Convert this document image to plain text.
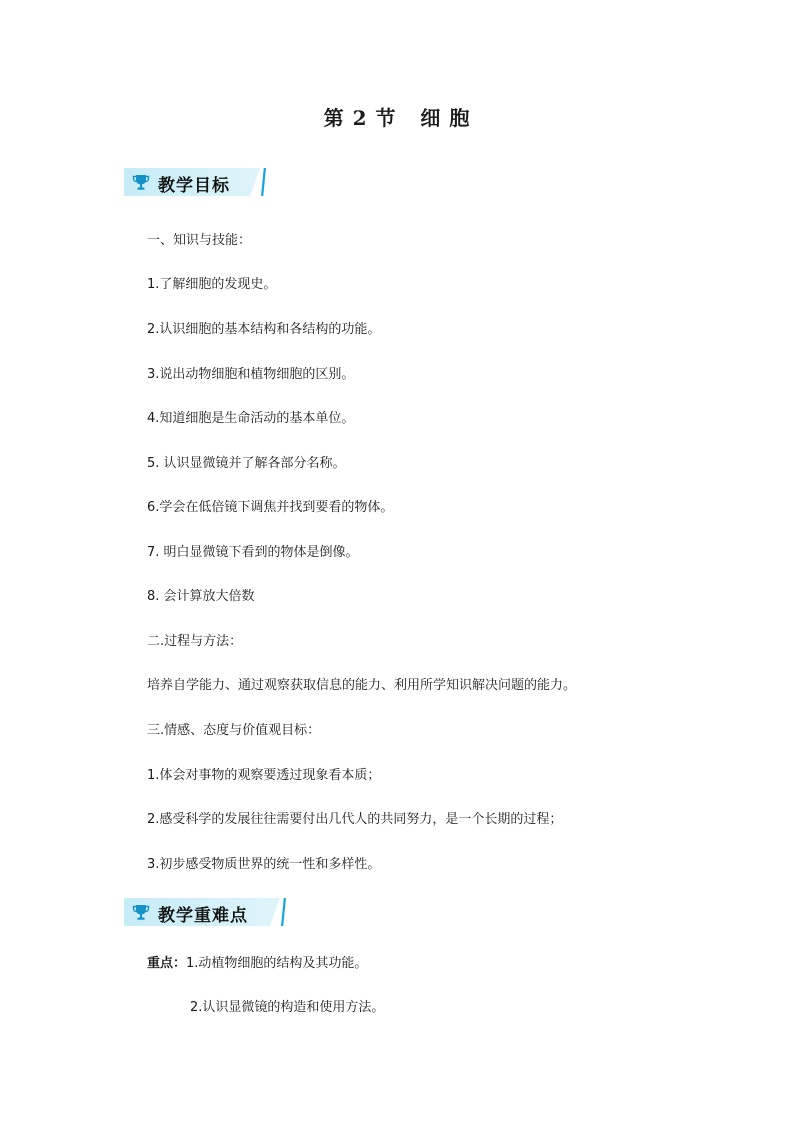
第 2 节   细 胞
教学目标
一、知识与技能：
1.了解细胞的发现史。
2.认识细胞的基本结构和各结构的功能。
3.说出动物细胞和植物细胞的区别。
4.知道细胞是生命活动的基本单位。
5. 认识显微镜并了解各部分名称。
6.学会在低倍镜下调焦并找到要看的物体。
7. 明白显微镜下看到的物体是倒像。
8. 会计算放大倍数
二.过程与方法：
培养自学能力、通过观察获取信息的能力、利用所学知识解决问题的能力。
三.情感、态度与价值观目标：
1.体会对事物的观察要透过现象看本质；
2.感受科学的发展往往需要付出几代人的共同努力，是一个长期的过程；
3.初步感受物质世界的统一性和多样性。
教学重难点
重点：1.动植物细胞的结构及其功能。
2.认识显微镜的构造和使用方法。
